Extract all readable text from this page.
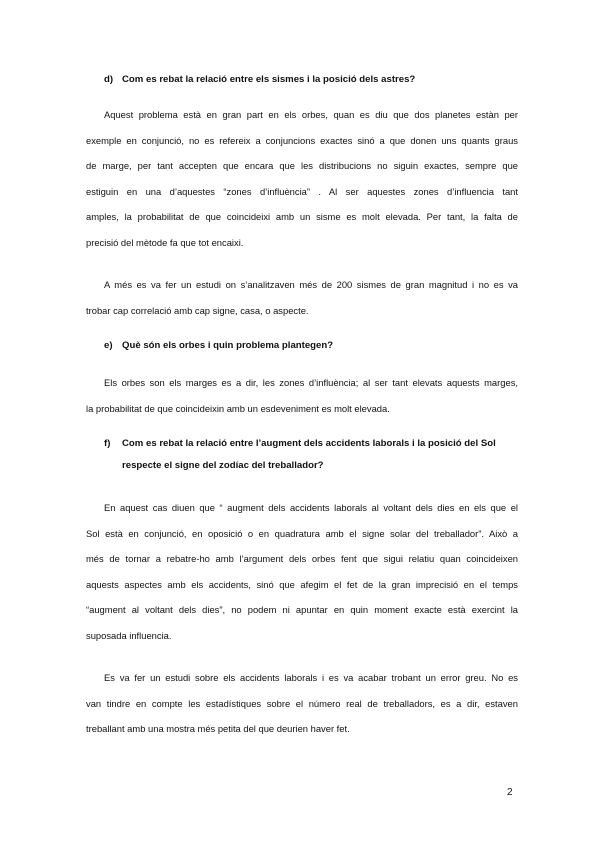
d) Com es rebat la relació entre els sismes i la posició dels astres?
Aquest problema està en gran part en els orbes, quan es diu que dos planetes estàn per
exemple en conjunció, no es refereix a conjuncions exactes sinó a que donen uns quants graus
de marge, per tant accepten que encara que les distribucions no siguin exactes, sempre que
estiguin en una d’aquestes “zones d’influència” . Al ser aquestes zones d’influencia tant
amples, la probabilitat de que coincideixi amb un sisme es molt elevada. Per tant, la falta de
precisió del mètode fa que tot encaixi.
A més es va fer un estudi on s’analitzaven més de 200 sismes de gran magnitud i no es va
trobar cap correlació amb cap signe, casa, o aspecte.
e) Què són els orbes i quin problema plantegen?
Els orbes son els marges es a dir, les zones d’influència; al ser tant elevats aquests marges,
la probabilitat de que coincideixin amb un esdeveniment es molt elevada.
f) Com es rebat la relació entre l’augment dels accidents laborals i la posició del Sol
respecte el signe del zodíac del treballador?
En aquest cas diuen que “ augment dels accidents laborals al voltant dels dies en els que el
Sol està en conjunció, en oposició o en quadratura amb el signe solar del treballador”. Això a
més de tornar a rebatre-ho amb l’argument dels orbes fent que sigui relatiu quan coincideixen
aquests aspectes amb els accidents, sinó que afegim el fet de la gran imprecisió en el temps
“augment al voltant dels dies”, no podem ni apuntar en quin moment exacte està exercint la
suposada influencia.
Es va fer un estudi sobre els accidents laborals i es va acabar trobant un error greu. No es
van tindre en compte les estadístiques sobre el número real de treballadors, es a dir, estaven
treballant amb una mostra més petita del que deurien haver fet.
2
